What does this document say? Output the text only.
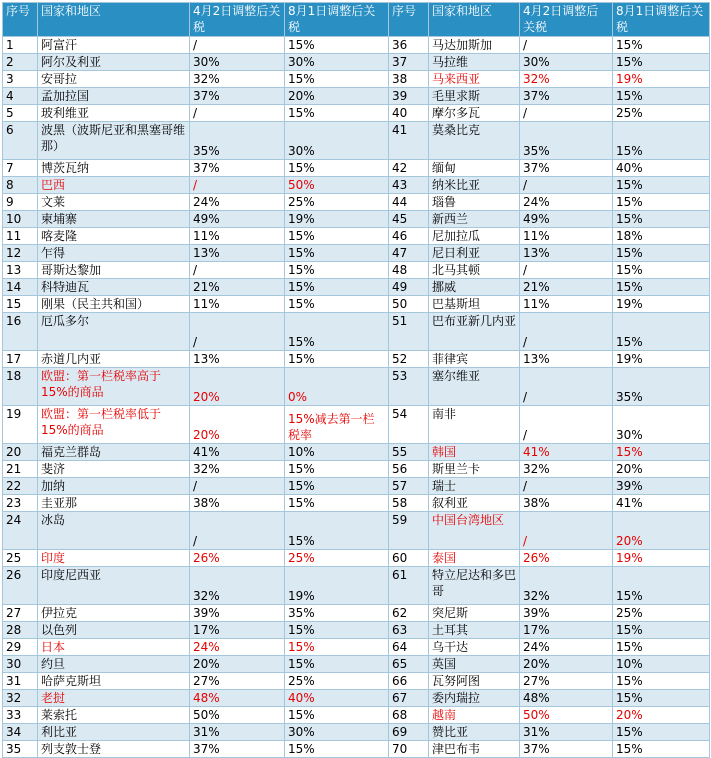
序号	国家和地区	4月2日调整后关税	8月1日调整后关税	序号	国家和地区	4月2日调整后关税	8月1日调整后关税
1	阿富汗	/	15%	36	马达加斯加	/	15%
2	阿尔及利亚	30%	30%	37	马拉维	30%	15%
3	安哥拉	32%	15%	38	马来西亚	32%	19%
4	孟加拉国	37%	20%	39	毛里求斯	37%	15%
5	玻利维亚	/	15%	40	摩尔多瓦	/	25%
6	波黑（波斯尼亚和黑塞哥维那）	35%	30%	41	莫桑比克	35%	15%
7	博茨瓦纳	37%	15%	42	缅甸	37%	40%
8	巴西	/	50%	43	纳米比亚	/	15%
9	文莱	24%	25%	44	瑙鲁	24%	15%
10	柬埔寨	49%	19%	45	新西兰	49%	15%
11	喀麦隆	11%	15%	46	尼加拉瓜	11%	18%
12	乍得	13%	15%	47	尼日利亚	13%	15%
13	哥斯达黎加	/	15%	48	北马其顿	/	15%
14	科特迪瓦	21%	15%	49	挪威	21%	15%
15	刚果（民主共和国）	11%	15%	50	巴基斯坦	11%	19%
16	厄瓜多尔	/	15%	51	巴布亚新几内亚	/	15%
17	赤道几内亚	13%	15%	52	菲律宾	13%	19%
18	欧盟：第一栏税率高于15%的商品	20%	0%	53	塞尔维亚	/	35%
19	欧盟：第一栏税率低于15%的商品	20%	15%减去第一栏税率	54	南非	/	30%
20	福克兰群岛	41%	10%	55	韩国	41%	15%
21	斐济	32%	15%	56	斯里兰卡	32%	20%
22	加纳	/	15%	57	瑞士	/	39%
23	圭亚那	38%	15%	58	叙利亚	38%	41%
24	冰岛	/	15%	59	中国台湾地区	/	20%
25	印度	26%	25%	60	泰国	26%	19%
26	印度尼西亚	32%	19%	61	特立尼达和多巴哥	32%	15%
27	伊拉克	39%	35%	62	突尼斯	39%	25%
28	以色列	17%	15%	63	土耳其	17%	15%
29	日本	24%	15%	64	乌干达	24%	15%
30	约旦	20%	15%	65	英国	20%	10%
31	哈萨克斯坦	27%	25%	66	瓦努阿图	27%	15%
32	老挝	48%	40%	67	委内瑞拉	48%	15%
33	莱索托	50%	15%	68	越南	50%	20%
34	利比亚	31%	30%	69	赞比亚	31%	15%
35	列支敦士登	37%	15%	70	津巴布韦	37%	15%
